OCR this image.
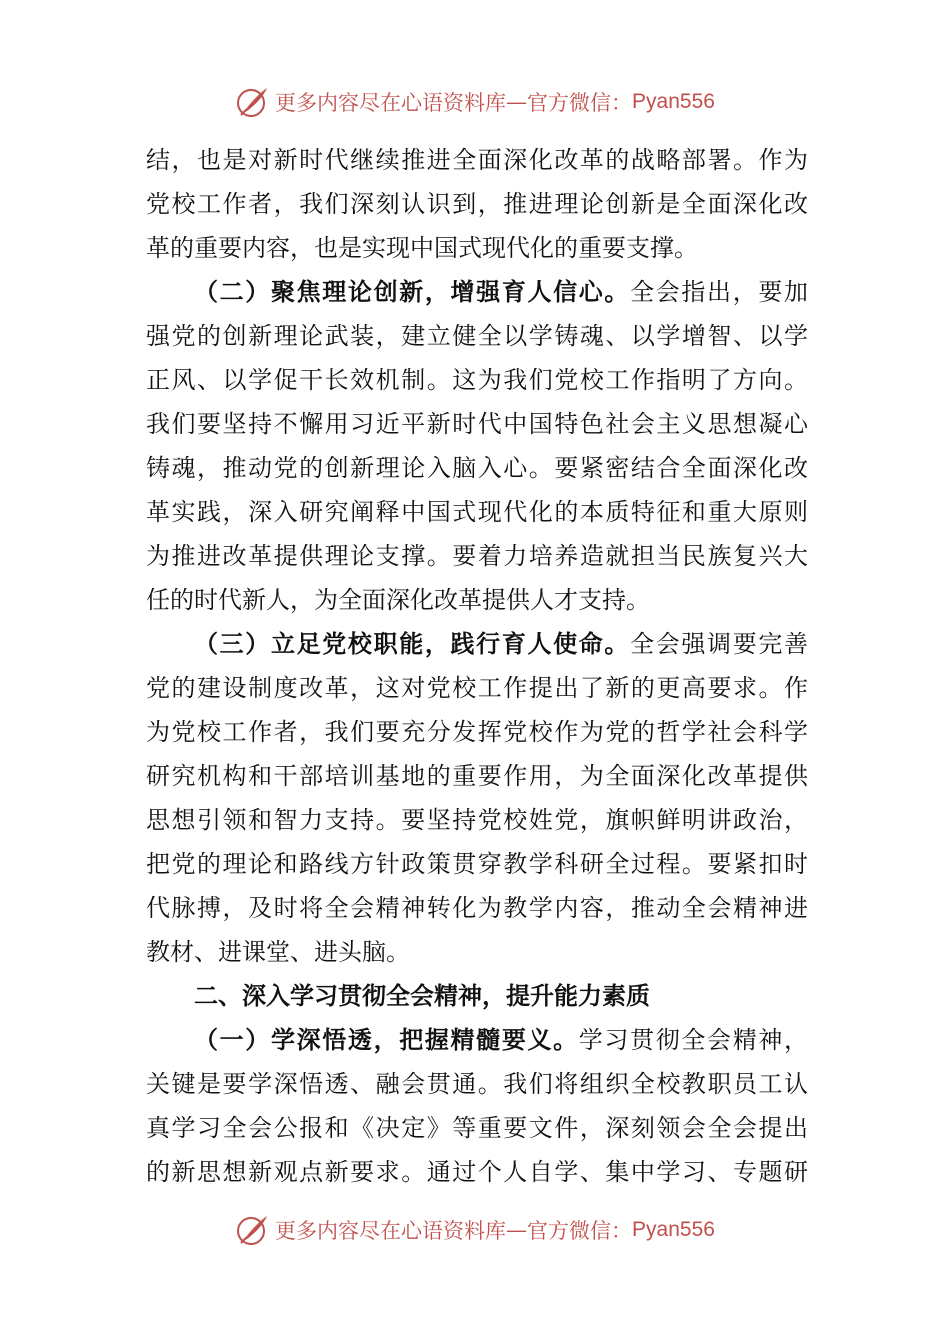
更多内容尽在心语资料库 — 官方微信： Pyan556
结，也是对新时代继续推进全面深化改革的战略部署。作为
党校工作者，我们深刻认识到，推进理论创新是全面深化改
革的重要内容，也是实现中国式现代化的重要支撑。
（二）聚焦理论创新，增强育人信心。全会指出，要加
强党的创新理论武装，建立健全以学铸魂、以学增智、以学
正风、以学促干长效机制。这为我们党校工作指明了方向。
我们要坚持不懈用习近平新时代中国特色社会主义思想凝心
铸魂，推动党的创新理论入脑入心。要紧密结合全面深化改
革实践，深入研究阐释中国式现代化的本质特征和重大原则
为推进改革提供理论支撑。要着力培养造就担当民族复兴大
任的时代新人，为全面深化改革提供人才支持。
（三）立足党校职能，践行育人使命。全会强调要完善
党的建设制度改革，这对党校工作提出了新的更高要求。作
为党校工作者，我们要充分发挥党校作为党的哲学社会科学
研究机构和干部培训基地的重要作用，为全面深化改革提供
思想引领和智力支持。要坚持党校姓党，旗帜鲜明讲政治，
把党的理论和路线方针政策贯穿教学科研全过程。要紧扣时
代脉搏，及时将全会精神转化为教学内容，推动全会精神进
教材、进课堂、进头脑。
二、深入学习贯彻全会精神，提升能力素质
（一）学深悟透，把握精髓要义。学习贯彻全会精神，
关键是要学深悟透、融会贯通。我们将组织全校教职员工认
真学习全会公报和《决定》等重要文件，深刻领会全会提出
的新思想新观点新要求。通过个人自学、集中学习、专题研
更多内容尽在心语资料库 — 官方微信： Pyan556
